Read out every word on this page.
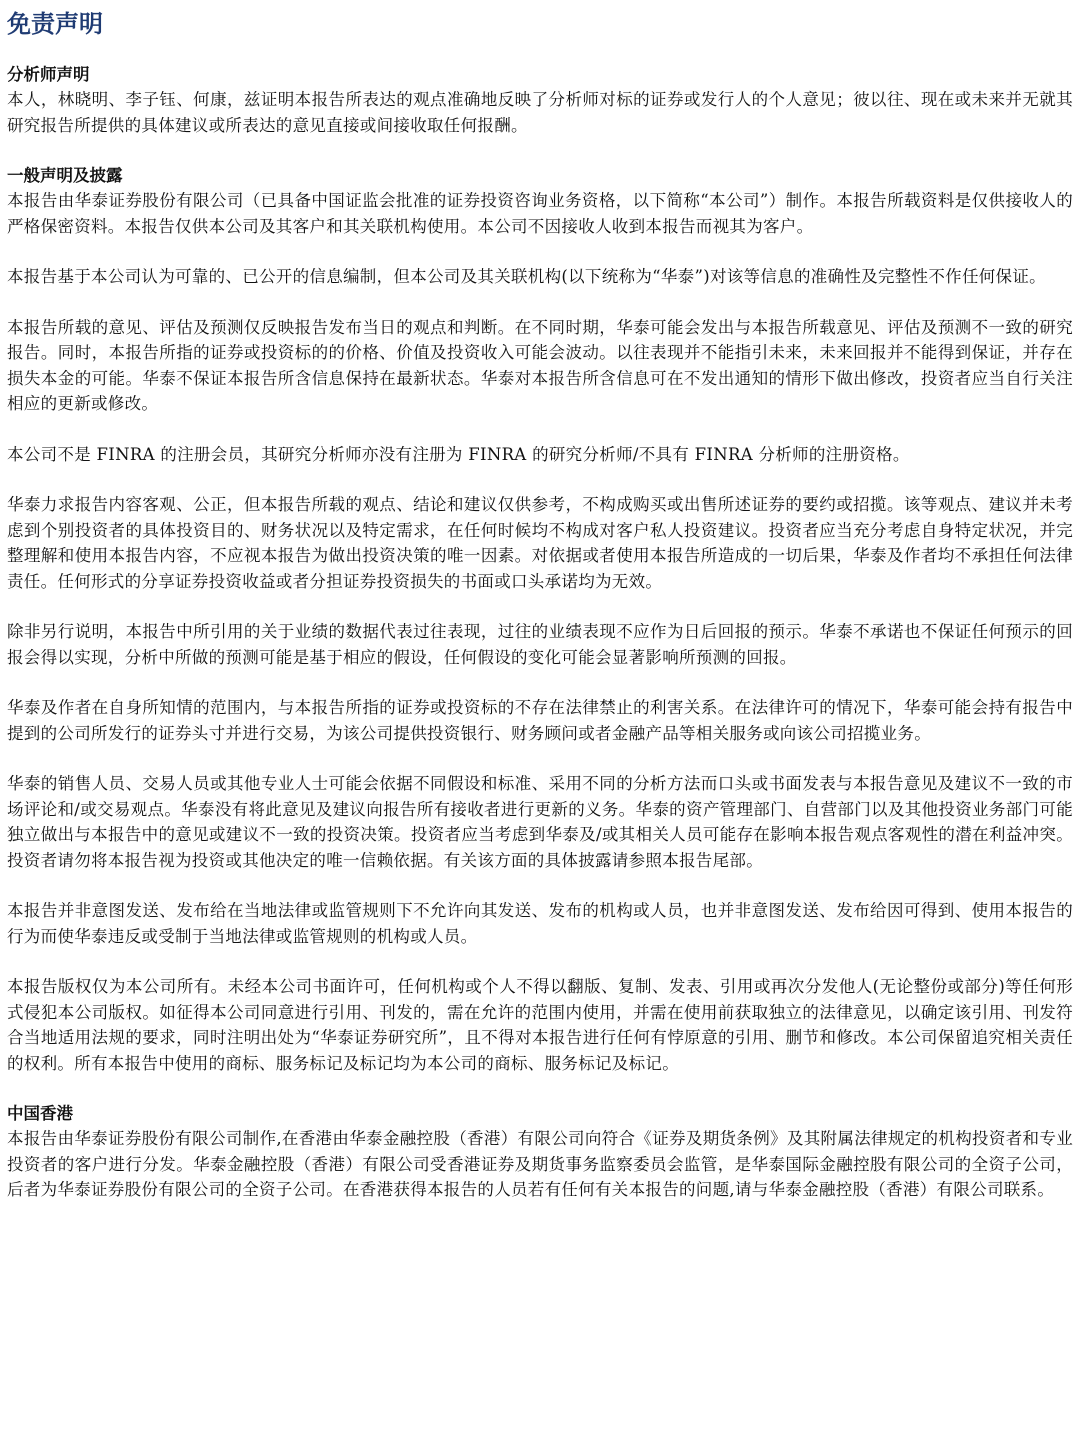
免责声明
分析师声明

本人，林晓明、李子钰、何康，兹证明本报告所表达的观点准确地反映了分析师对标的证券或发行人的个人意见；彼以往、现在或未来并无就其研究报告所提供的具体建议或所表达的意见直接或间接收取任何报酬。

一般声明及披露

本报告由华泰证券股份有限公司（已具备中国证监会批准的证券投资咨询业务资格，以下简称“本公司”）制作。本报告所载资料是仅供接收人的严格保密资料。本报告仅供本公司及其客户和其关联机构使用。本公司不因接收人收到本报告而视其为客户。

本报告基于本公司认为可靠的、已公开的信息编制，但本公司及其关联机构(以下统称为“华泰”)对该等信息的准确性及完整性不作任何保证。

本报告所载的意见、评估及预测仅反映报告发布当日的观点和判断。在不同时期，华泰可能会发出与本报告所载意见、评估及预测不一致的研究报告。同时，本报告所指的证券或投资标的的价格、价值及投资收入可能会波动。以往表现并不能指引未来，未来回报并不能得到保证，并存在损失本金的可能。华泰不保证本报告所含信息保持在最新状态。华泰对本报告所含信息可在不发出通知的情形下做出修改，投资者应当自行关注相应的更新或修改。

本公司不是 FINRA 的注册会员，其研究分析师亦没有注册为 FINRA 的研究分析师/不具有 FINRA 分析师的注册资格。

华泰力求报告内容客观、公正，但本报告所载的观点、结论和建议仅供参考，不构成购买或出售所述证券的要约或招揽。该等观点、建议并未考虑到个别投资者的具体投资目的、财务状况以及特定需求，在任何时候均不构成对客户私人投资建议。投资者应当充分考虑自身特定状况，并完整理解和使用本报告内容，不应视本报告为做出投资决策的唯一因素。对依据或者使用本报告所造成的一切后果，华泰及作者均不承担任何法律责任。任何形式的分享证券投资收益或者分担证券投资损失的书面或口头承诺均为无效。

除非另行说明，本报告中所引用的关于业绩的数据代表过往表现，过往的业绩表现不应作为日后回报的预示。华泰不承诺也不保证任何预示的回报会得以实现，分析中所做的预测可能是基于相应的假设，任何假设的变化可能会显著影响所预测的回报。

华泰及作者在自身所知情的范围内，与本报告所指的证券或投资标的不存在法律禁止的利害关系。在法律许可的情况下，华泰可能会持有报告中提到的公司所发行的证券头寸并进行交易，为该公司提供投资银行、财务顾问或者金融产品等相关服务或向该公司招揽业务。

华泰的销售人员、交易人员或其他专业人士可能会依据不同假设和标准、采用不同的分析方法而口头或书面发表与本报告意见及建议不一致的市场评论和/或交易观点。华泰没有将此意见及建议向报告所有接收者进行更新的义务。华泰的资产管理部门、自营部门以及其他投资业务部门可能独立做出与本报告中的意见或建议不一致的投资决策。投资者应当考虑到华泰及/或其相关人员可能存在影响本报告观点客观性的潜在利益冲突。投资者请勿将本报告视为投资或其他决定的唯一信赖依据。有关该方面的具体披露请参照本报告尾部。

本报告并非意图发送、发布给在当地法律或监管规则下不允许向其发送、发布的机构或人员，也并非意图发送、发布给因可得到、使用本报告的行为而使华泰违反或受制于当地法律或监管规则的机构或人员。

本报告版权仅为本公司所有。未经本公司书面许可，任何机构或个人不得以翻版、复制、发表、引用或再次分发他人(无论整份或部分)等任何形式侵犯本公司版权。如征得本公司同意进行引用、刊发的，需在允许的范围内使用，并需在使用前获取独立的法律意见，以确定该引用、刊发符合当地适用法规的要求，同时注明出处为“华泰证券研究所”，且不得对本报告进行任何有悖原意的引用、删节和修改。本公司保留追究相关责任的权利。所有本报告中使用的商标、服务标记及标记均为本公司的商标、服务标记及标记。

中国香港

本报告由华泰证券股份有限公司制作,在香港由华泰金融控股（香港）有限公司向符合《证券及期货条例》及其附属法律规定的机构投资者和专业投资者的客户进行分发。华泰金融控股（香港）有限公司受香港证券及期货事务监察委员会监管，是华泰国际金融控股有限公司的全资子公司，后者为华泰证券股份有限公司的全资子公司。在香港获得本报告的人员若有任何有关本报告的问题,请与华泰金融控股（香港）有限公司联系。
